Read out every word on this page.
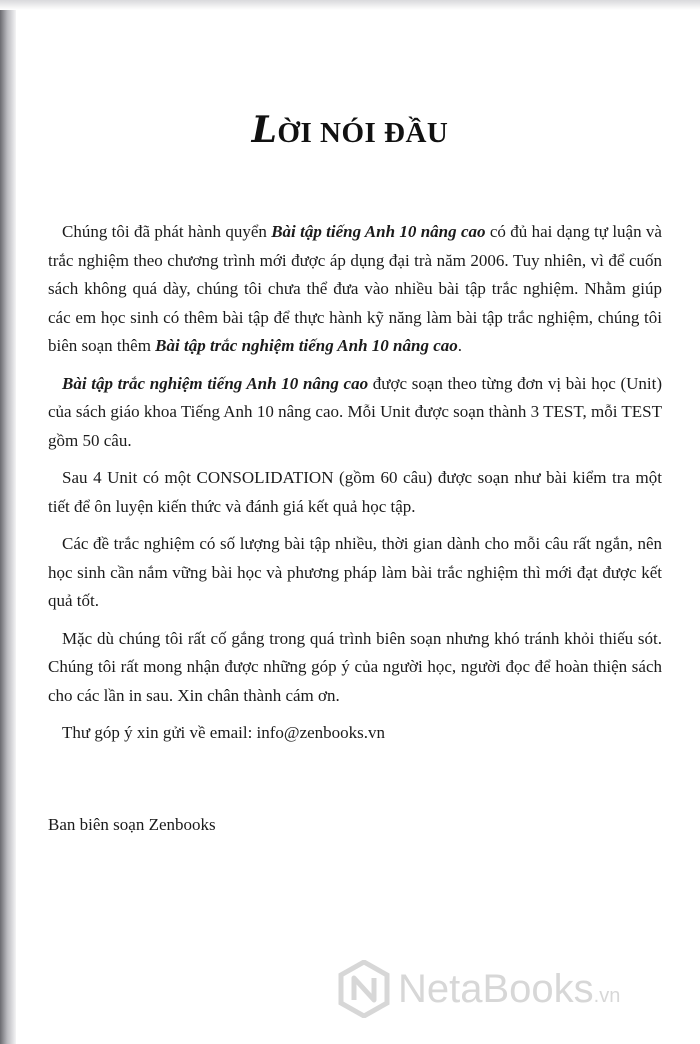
LỜI NÓI ĐẦU

Chúng tôi đã phát hành quyển Bài tập tiếng Anh 10 nâng cao có đủ hai dạng tự luận và trắc nghiệm theo chương trình mới được áp dụng đại trà năm 2006. Tuy nhiên, vì để cuốn sách không quá dày, chúng tôi chưa thể đưa vào nhiều bài tập trắc nghiệm. Nhằm giúp các em học sinh có thêm bài tập để thực hành kỹ năng làm bài tập trắc nghiệm, chúng tôi biên soạn thêm Bài tập trắc nghiệm tiếng Anh 10 nâng cao.

Bài tập trắc nghiệm tiếng Anh 10 nâng cao được soạn theo từng đơn vị bài học (Unit) của sách giáo khoa Tiếng Anh 10 nâng cao. Mỗi Unit được soạn thành 3 TEST, mỗi TEST gồm 50 câu.

Sau 4 Unit có một CONSOLIDATION (gồm 60 câu) được soạn như bài kiểm tra một tiết để ôn luyện kiến thức và đánh giá kết quả học tập.

Các đề trắc nghiệm có số lượng bài tập nhiều, thời gian dành cho mỗi câu rất ngắn, nên học sinh cần nắm vững bài học và phương pháp làm bài trắc nghiệm thì mới đạt được kết quả tốt.

Mặc dù chúng tôi rất cố gắng trong quá trình biên soạn nhưng khó tránh khỏi thiếu sót. Chúng tôi rất mong nhận được những góp ý của người học, người đọc để hoàn thiện sách cho các lần in sau. Xin chân thành cám ơn.

Thư góp ý xin gửi về email: info@zenbooks.vn

Ban biên soạn Zenbooks
NetaBooks.vn
